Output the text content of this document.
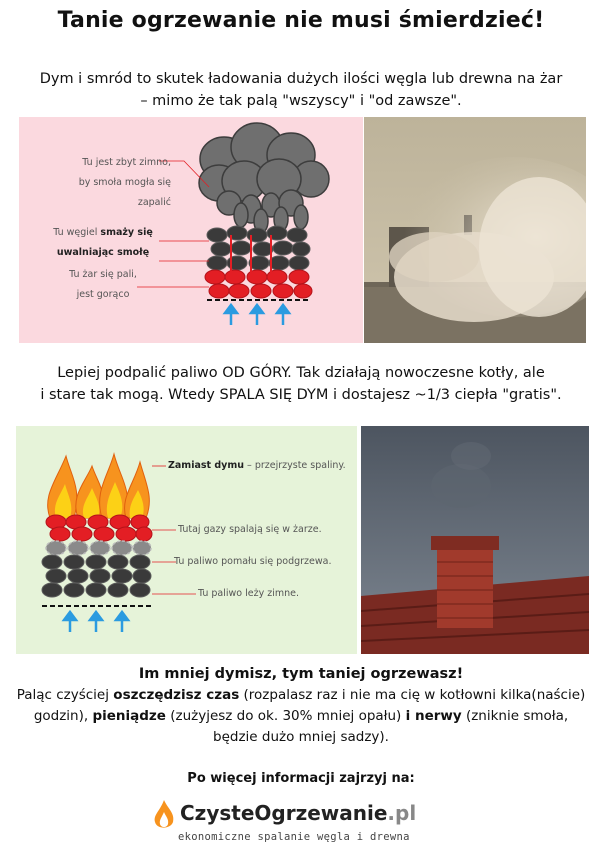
Tanie ogrzewanie nie musi śmierdzieć!
Dym i smród to skutek ładowania dużych ilości węgla lub drewna na żar
– mimo że tak palą "wszyscy" i "od zawsze".
Tu jest zbyt zimno,
by smoła mogła się zapalić
Tu węgiel smaży się
uwalniając smołę
Tu żar się pali,
jest gorąco
Lepiej podpalić paliwo OD GÓRY. Tak działają nowoczesne kotły, ale
i stare tak mogą. Wtedy SPALA SIĘ DYM i dostajesz ~1/3 ciepła "gratis".
Zamiast dymu – przejrzyste spaliny.
Tutaj gazy spalają się w żarze.
Tu paliwo pomału się podgrzewa.
Tu paliwo leży zimne.
Im mniej dymisz, tym taniej ogrzewasz!
Paląc czyściej oszczędzisz czas (rozpalasz raz i nie ma cię w kotłowni kilka(naście)
godzin), pieniądze (zużyjesz do ok. 30% mniej opału) i nerwy (zniknie smoła,
będzie dużo mniej sadzy).
Po więcej informacji zajrzyj na:
CzysteOgrzewanie.pl
ekonomiczne spalanie węgla i drewna
